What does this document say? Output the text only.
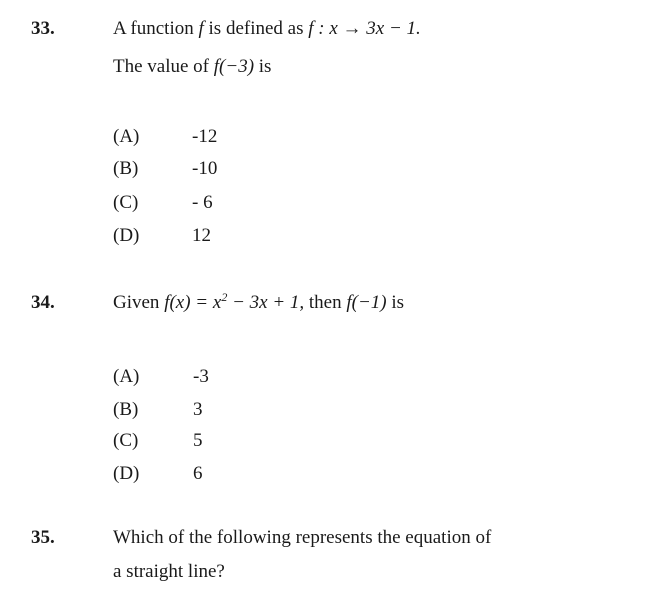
33.	A function f is defined as f : x → 3x − 1.
The value of f(−3) is
(A)	-12
(B)	-10
(C)	- 6
(D)	12
34.	Given $f(x) = x^2 - 3x + 1$, then f(−1) is
(A)	-3
(B)	3
(C)	5
(D)	6
35.	Which of the following represents the equation of
a straight line?
